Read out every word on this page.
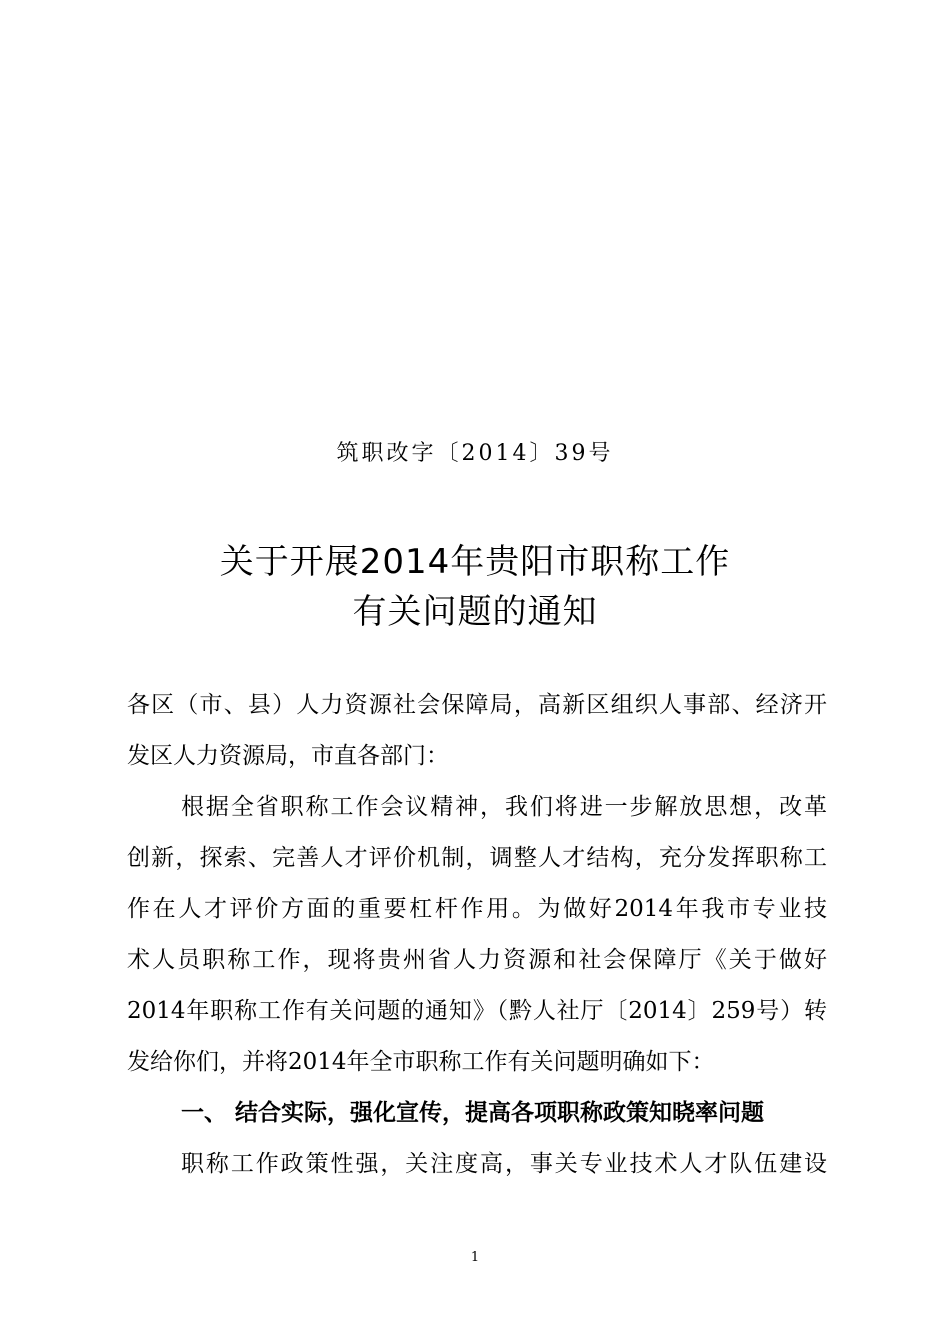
筑职改字〔2014〕39号
关于开展2014年贵阳市职称工作
有关问题的通知
各区（市、县）人力资源社会保障局，高新区组织人事部、经济开
发区人力资源局，市直各部门：
根据全省职称工作会议精神，我们将进一步解放思想，改革
创新，探索、完善人才评价机制，调整人才结构，充分发挥职称工
作在人才评价方面的重要杠杆作用。为做好2014年我市专业技
术人员职称工作，现将贵州省人力资源和社会保障厅《关于做好
2014年职称工作有关问题的通知》（黔人社厅〔2014〕259号）转
发给你们，并将2014年全市职称工作有关问题明确如下：
一、 结合实际，强化宣传，提高各项职称政策知晓率问题
职称工作政策性强，关注度高，事关专业技术人才队伍建设
1
